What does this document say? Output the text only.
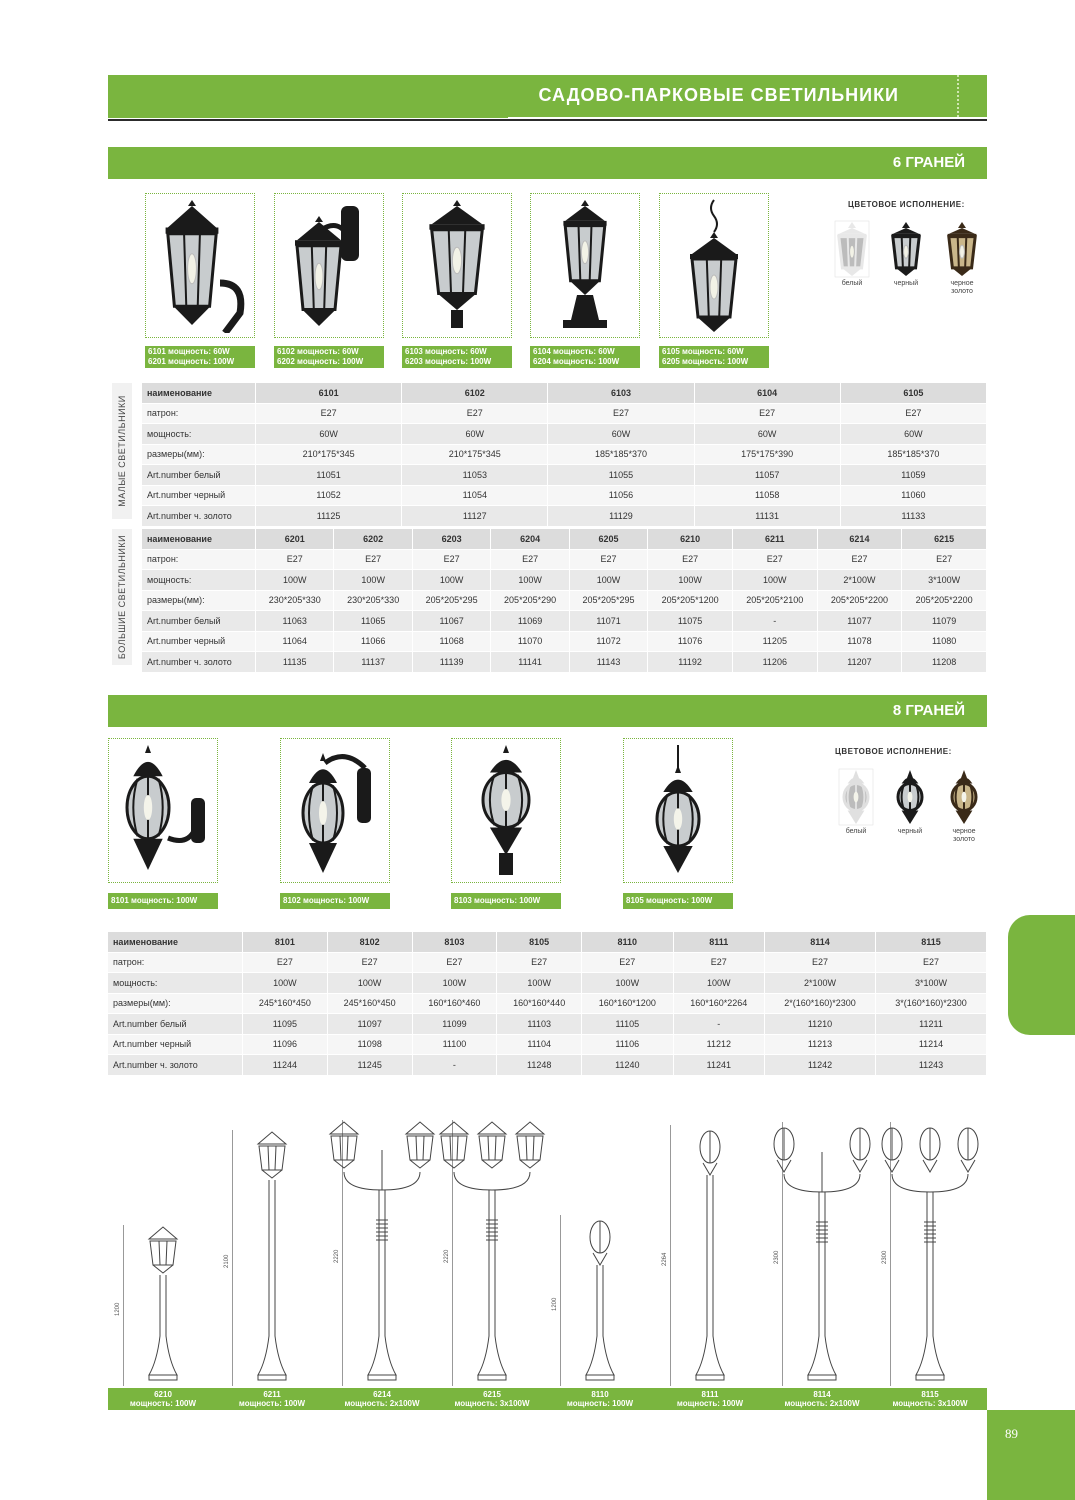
САДОВО-ПАРКОВЫЕ СВЕТИЛЬНИКИ
6 ГРАНЕЙ
6101 мощность: 60W
6201 мощность: 100W
6102 мощность: 60W
6202 мощность: 100W
6103 мощность: 60W
6203 мощность: 100W
6104 мощность: 60W
6204 мощность: 100W
6105 мощность: 60W
6205 мощность: 100W
ЦВЕТОВОЕ ИСПОЛНЕНИЕ:
белый	черный	черное золото
МАЛЫЕ СВЕТИЛЬНИКИ
наименование	6101	6102	6103	6104	6105
патрон:	E27	E27	E27	E27	E27
мощность:	60W	60W	60W	60W	60W
размеры(мм):	210*175*345	210*175*345	185*185*370	175*175*390	185*185*370
Art.number белый	11051	11053	11055	11057	11059
Art.number черный	11052	11054	11056	11058	11060
Art.number ч. золото	11125	11127	11129	11131	11133
БОЛЬШИЕ СВЕТИЛЬНИКИ наименование	6201	6202	6203	6204	6205	6210	6211	6214	6215
патрон:	E27	E27	E27	E27	E27	E27	E27	E27	E27
мощность:	100W	100W	100W	100W	100W	100W	100W	2*100W	3*100W
размеры(мм):	230*205*330	230*205*330	205*205*295	205*205*290	205*205*295	205*205*1200	205*205*2100	205*205*2200	205*205*2200
Art.number белый	11063	11065	11067	11069	11071	11075	-	11077	11079
Art.number черный	11064	11066	11068	11070	11072	11076	11205	11078	11080
Art.number ч. золото	11135	11137	11139	11141	11143	11192	11206	11207	11208
8 ГРАНЕЙ
8101 мощность: 100W	8102 мощность: 100W	8103 мощность: 100W	8105 мощность: 100W
ЦВЕТОВОЕ ИСПОЛНЕНИЕ:
белый	черный	черное золото
наименование	8101	8102	8103	8105	8110	8111	8114	8115
патрон:	E27	E27	E27	E27	E27	E27	E27	E27
мощность:	100W	100W	100W	100W	100W	100W	2*100W	3*100W
размеры(мм):	245*160*450	245*160*450	160*160*460	160*160*440	160*160*1200	160*160*2264	2*(160*160)*2300	3*(160*160)*2300
Art.number белый	11095	11097	11099	11103	11105	-	11210	11211
Art.number черный	11096	11098	11100	11104	11106	11212	11213	11214
Art.number ч. золото	11244	11245	-	11248	11240	11241	11242	11243
1200
6210
мощность: 100W
2100
6211
мощность: 100W
2220
6214
мощность: 2x100W
2220
6215
мощность: 3x100W
1200
8110
мощность: 100W
2264
8111
мощность: 100W
2300
8114
мощность: 2x100W
2300
8115
мощность: 3x100W
89
